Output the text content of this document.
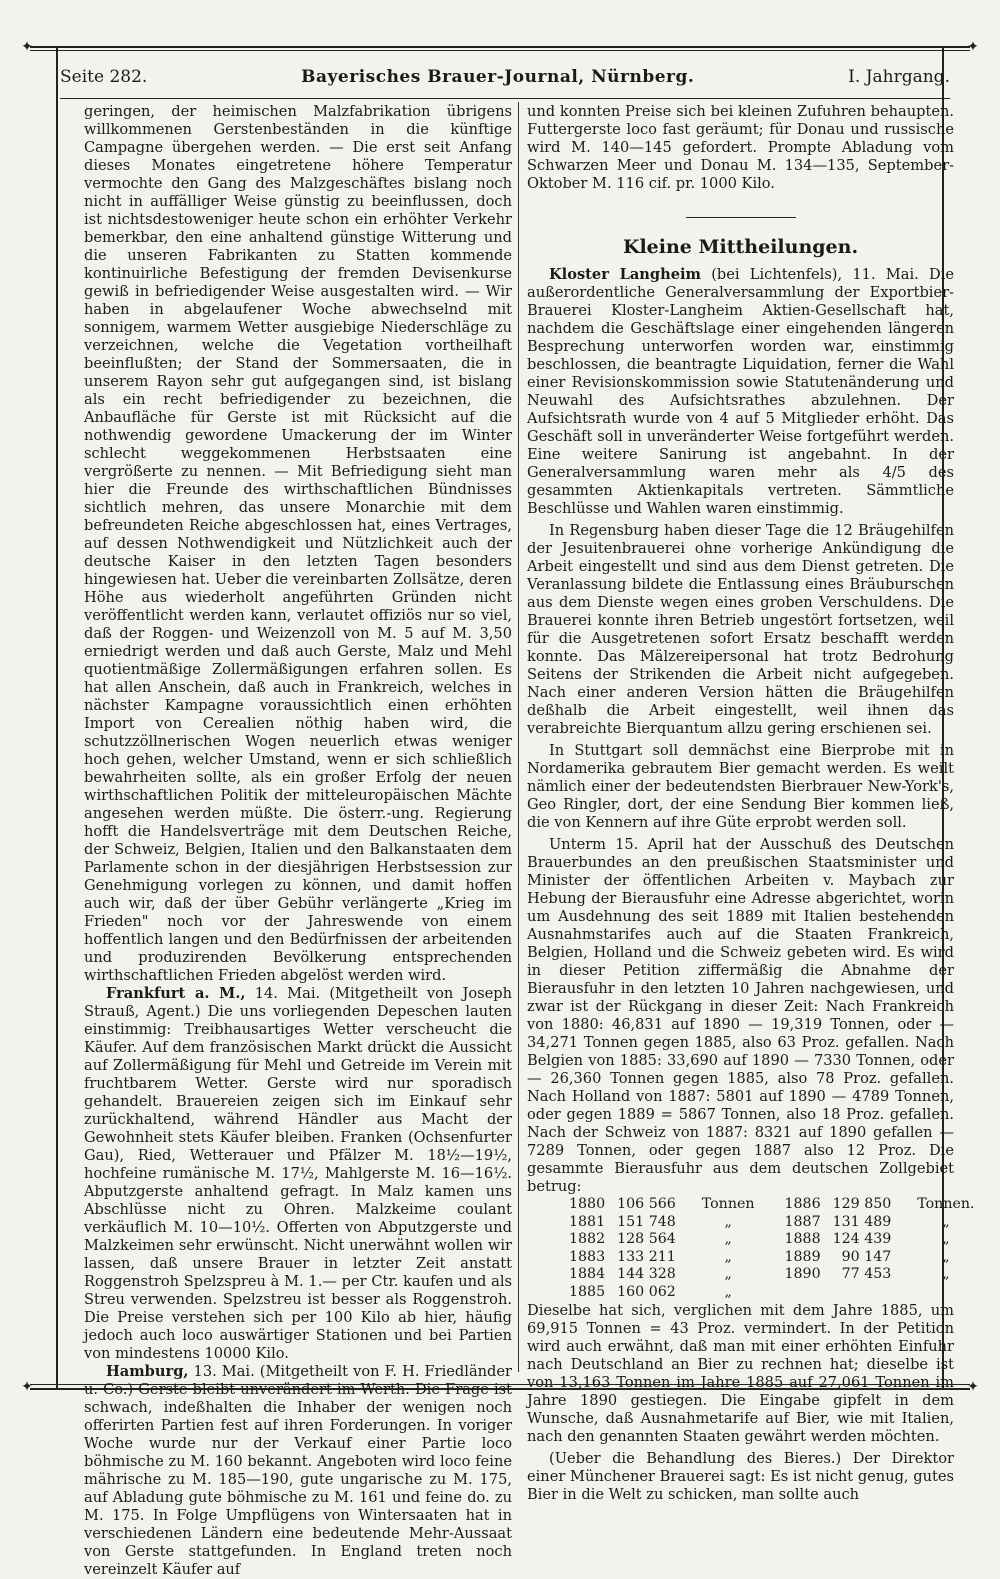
✦	✦
✦	✦
Seite 282.	Bayerisches Brauer-Journal, Nürnberg.	I. Jahrgang.

geringen, der heimischen Malzfabrikation übrigens willkommenen Gerstenbeständen in die künftige Campagne übergehen werden. — Die erst seit Anfang dieses Monates eingetretene höhere Temperatur vermochte den Gang des Malzgeschäftes bislang noch nicht in auffälliger Weise günstig zu beeinflussen, doch ist nichtsdestoweniger heute schon ein erhöhter Verkehr bemerkbar, den eine anhaltend günstige Witterung und die unseren Fabrikanten zu Statten kommende kontinuirliche Befestigung der fremden Devisenkurse gewiß in befriedigender Weise ausgestalten wird. — Wir haben in abgelaufener Woche abwechselnd mit sonnigem, warmem Wetter ausgiebige Niederschläge zu verzeichnen, welche die Vegetation vortheilhaft beeinflußten; der Stand der Sommersaaten, die in unserem Rayon sehr gut aufgegangen sind, ist bislang als ein recht befriedigender zu bezeichnen, die Anbaufläche für Gerste ist mit Rücksicht auf die nothwendig gewordene Umackerung der im Winter schlecht weggekommenen Herbstsaaten eine vergrößerte zu nennen. — Mit Befriedigung sieht man hier die Freunde des wirthschaftlichen Bündnisses sichtlich mehren, das unsere Monarchie mit dem befreundeten Reiche abgeschlossen hat, eines Vertrages, auf dessen Nothwendigkeit und Nützlichkeit auch der deutsche Kaiser in den letzten Tagen besonders hingewiesen hat. Ueber die vereinbarten Zollsätze, deren Höhe aus wiederholt angeführten Gründen nicht veröffentlicht werden kann, verlautet offiziös nur so viel, daß der Roggen- und Weizenzoll von M. 5 auf M. 3,50 erniedrigt werden und daß auch Gerste, Malz und Mehl quotientmäßige Zollermäßigungen erfahren sollen. Es hat allen Anschein, daß auch in Frankreich, welches in nächster Kampagne voraussichtlich einen erhöhten Import von Cerealien nöthig haben wird, die schutzzöllnerischen Wogen neuerlich etwas weniger hoch gehen, welcher Umstand, wenn er sich schließlich bewahrheiten sollte, als ein großer Erfolg der neuen wirthschaftlichen Politik der mitteleuropäischen Mächte angesehen werden müßte. Die österr.-ung. Regierung hofft die Handelsverträge mit dem Deutschen Reiche, der Schweiz, Belgien, Italien und den Balkanstaaten dem Parlamente schon in der diesjährigen Herbstsession zur Genehmigung vorlegen zu können, und damit hoffen auch wir, daß der über Gebühr verlängerte „Krieg im Frieden" noch vor der Jahreswende von einem hoffentlich langen und den Bedürfnissen der arbeitenden und produzirenden Bevölkerung entsprechenden wirthschaftlichen Frieden abgelöst werden wird.

Frankfurt a. M., 14. Mai. (Mitgetheilt von Joseph Strauß, Agent.) Die uns vorliegenden Depeschen lauten einstimmig: Treibhausartiges Wetter verscheucht die Käufer. Auf dem französischen Markt drückt die Aussicht auf Zollermäßigung für Mehl und Getreide im Verein mit fruchtbarem Wetter. Gerste wird nur sporadisch gehandelt. Brauereien zeigen sich im Einkauf sehr zurückhaltend, während Händler aus Macht der Gewohnheit stets Käufer bleiben. Franken (Ochsenfurter Gau), Ried, Wetterauer und Pfälzer M. 18½—19½, hochfeine rumänische M. 17½, Mahlgerste M. 16—16½. Abputzgerste anhaltend gefragt. In Malz kamen uns Abschlüsse nicht zu Ohren. Malzkeime coulant verkäuflich M. 10—10½. Offerten von Abputzgerste und Malzkeimen sehr erwünscht. Nicht unerwähnt wollen wir lassen, daß unsere Brauer in letzter Zeit anstatt Roggenstroh Spelzspreu à M. 1.— per Ctr. kaufen und als Streu verwenden. Spelzstreu ist besser als Roggenstroh. Die Preise verstehen sich per 100 Kilo ab hier, häufig jedoch auch loco auswärtiger Stationen und bei Partien von mindestens 10000 Kilo.

Hamburg, 13. Mai. (Mitgetheilt von F. H. Friedländer u. Co.) Gerste bleibt unverändert im Werth. Die Frage ist schwach, indeßhalten die Inhaber der wenigen noch offerirten Partien fest auf ihren Forderungen. In voriger Woche wurde nur der Verkauf einer Partie loco böhmische zu M. 160 bekannt. Angeboten wird loco feine mährische zu M. 185—190, gute ungarische zu M. 175, auf Abladung gute böhmische zu M. 161 und feine do. zu M. 175. In Folge Umpflügens von Wintersaaten hat in verschiedenen Ländern eine bedeutende Mehr-Aussaat von Gerste stattgefunden. In England treten noch vereinzelt Käufer auf

und konnten Preise sich bei kleinen Zufuhren behaupten. Futtergerste loco fast geräumt; für Donau und russische wird M. 140—145 gefordert. Prompte Abladung vom Schwarzen Meer und Donau M. 134—135, September-Oktober M. 116 cif. pr. 1000 Kilo.

Kleine Mittheilungen.

Kloster Langheim (bei Lichtenfels), 11. Mai. Die außerordentliche Generalversammlung der Exportbier-Brauerei Kloster-Langheim Aktien-Gesellschaft hat, nachdem die Geschäftslage einer eingehenden längeren Besprechung unterworfen worden war, einstimmig beschlossen, die beantragte Liquidation, ferner die Wahl einer Revisionskommission sowie Statutenänderung und Neuwahl des Aufsichtsrathes abzulehnen. Der Aufsichtsrath wurde von 4 auf 5 Mitglieder erhöht. Das Geschäft soll in unveränderter Weise fortgeführt werden. Eine weitere Sanirung ist angebahnt. In der Generalversammlung waren mehr als 4/5 des gesammten Aktienkapitals vertreten. Sämmtliche Beschlüsse und Wahlen waren einstimmig.

In Regensburg haben dieser Tage die 12 Bräugehilfen der Jesuitenbrauerei ohne vorherige Ankündigung die Arbeit eingestellt und sind aus dem Dienst getreten. Die Veranlassung bildete die Entlassung eines Bräuburschen aus dem Dienste wegen eines groben Verschuldens. Die Brauerei konnte ihren Betrieb ungestört fortsetzen, weil für die Ausgetretenen sofort Ersatz beschafft werden konnte. Das Mälzereipersonal hat trotz Bedrohung Seitens der Strikenden die Arbeit nicht aufgegeben. Nach einer anderen Version hätten die Bräugehilfen deßhalb die Arbeit eingestellt, weil ihnen das verabreichte Bierquantum allzu gering erschienen sei.

In Stuttgart soll demnächst eine Bierprobe mit in Nordamerika gebrautem Bier gemacht werden. Es weilt nämlich einer der bedeutendsten Bierbrauer New-York's, Geo Ringler, dort, der eine Sendung Bier kommen ließ, die von Kennern auf ihre Güte erprobt werden soll.

Unterm 15. April hat der Ausschuß des Deutschen Brauerbundes an den preußischen Staatsminister und Minister der öffentlichen Arbeiten v. Maybach zur Hebung der Bierausfuhr eine Adresse abgerichtet, worin um Ausdehnung des seit 1889 mit Italien bestehenden Ausnahmstarifes auch auf die Staaten Frankreich, Belgien, Holland und die Schweiz gebeten wird. Es wird in dieser Petition ziffermäßig die Abnahme der Bierausfuhr in den letzten 10 Jahren nachgewiesen, und zwar ist der Rückgang in dieser Zeit: Nach Frankreich von 1880: 46,831 auf 1890 — 19,319 Tonnen, oder — 34,271 Tonnen gegen 1885, also 63 Proz. gefallen. Nach Belgien von 1885: 33,690 auf 1890 — 7330 Tonnen, oder — 26,360 Tonnen gegen 1885, also 78 Proz. gefallen. Nach Holland von 1887: 5801 auf 1890 — 4789 Tonnen, oder gegen 1889 = 5867 Tonnen, also 18 Proz. gefallen. Nach der Schweiz von 1887: 8321 auf 1890 gefallen — 7289 Tonnen, oder gegen 1887 also 12 Proz. Die gesammte Bierausfuhr aus dem deutschen Zollgebiet betrug:

1880	106 566	Tonnen	1886	129 850	Tonnen.
1881	151 748	„	1887	131 489	„
1882	128 564	„	1888	124 439	„
1883	133 211	„	1889	90 147	„
1884	144 328	„	1890	77 453	„
1885	160 062	„			

Dieselbe hat sich, verglichen mit dem Jahre 1885, um 69,915 Tonnen = 43 Proz. vermindert. In der Petition wird auch erwähnt, daß man mit einer erhöhten Einfuhr nach Deutschland an Bier zu rechnen hat; dieselbe ist von 13,163 Tonnen im Jahre 1885 auf 27,061 Tonnen im Jahre 1890 gestiegen. Die Eingabe gipfelt in dem Wunsche, daß Ausnahmetarife auf Bier, wie mit Italien, nach den genannten Staaten gewährt werden möchten.

(Ueber die Behandlung des Bieres.) Der Direktor einer Münchener Brauerei sagt: Es ist nicht genug, gutes Bier in die Welt zu schicken, man sollte auch
